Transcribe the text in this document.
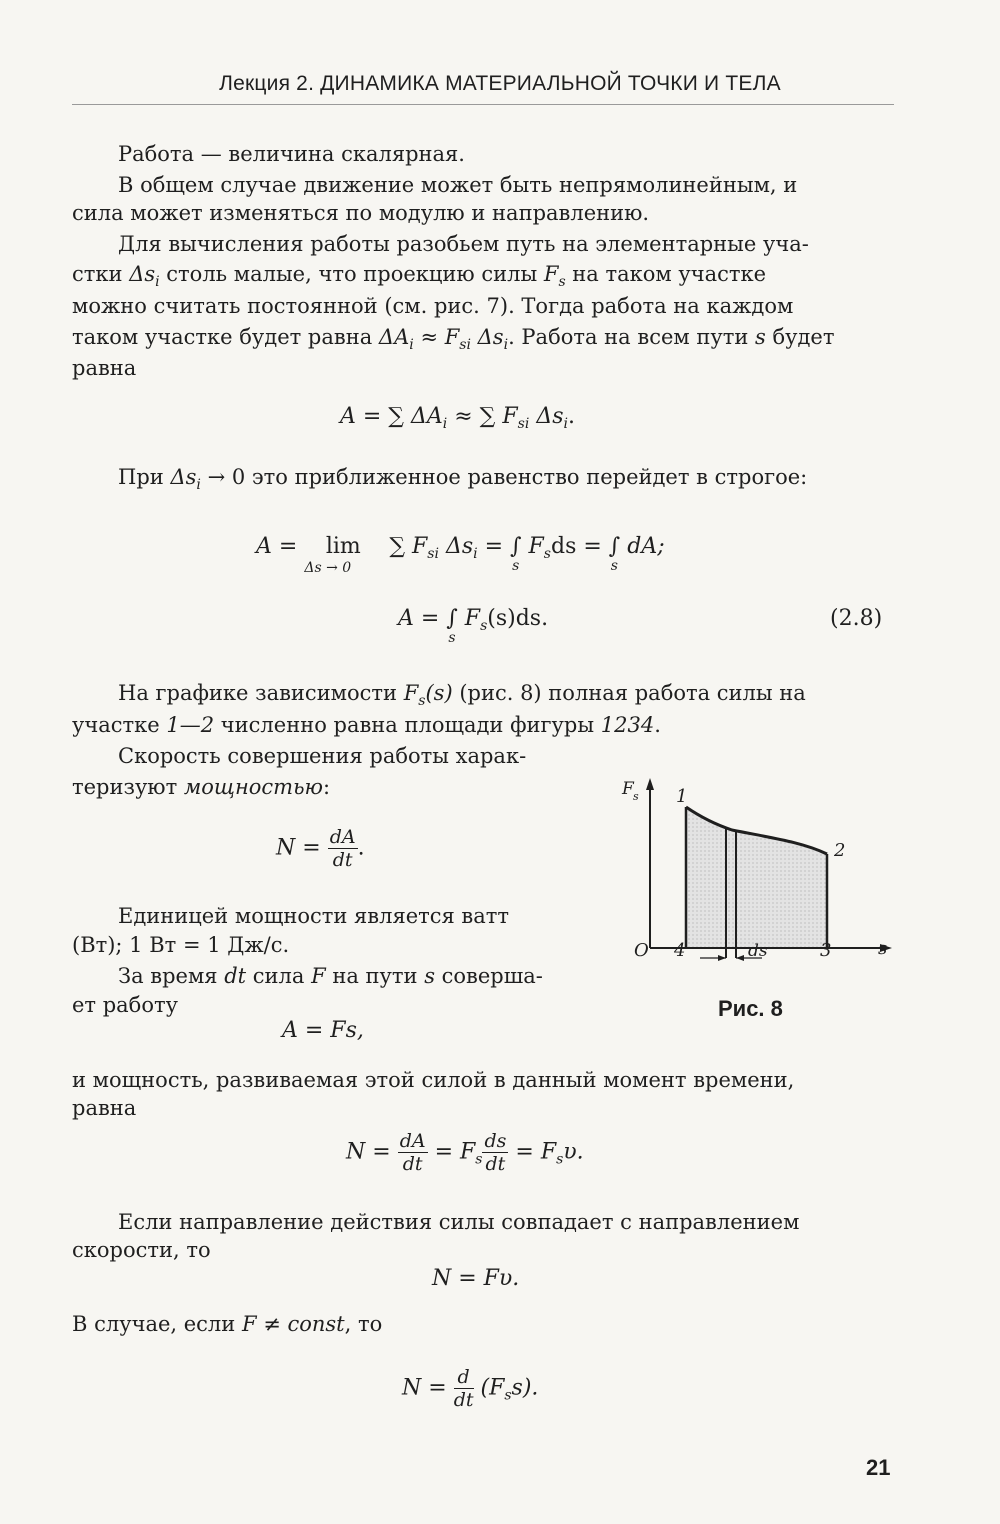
Лекция 2. ДИНАМИКА МАТЕРИАЛЬНОЙ ТОЧКИ И ТЕЛА
Работа — величина скалярная.
В общем случае движение может быть непрямолинейным, и
сила может изменяться по модулю и направлению.
Для вычисления работы разобьем путь на элементарные уча-
стки $\Delta s_i$ столь малые, что проекцию силы $F_s$ на таком участке
можно считать постоянной (см. рис. 7). Тогда работа на каждом
таком участке будет равна $\Delta A_i \approx F_{si}$ $\Delta s_i$. Работа на всем пути s будет
равна
A = ∑ $\Delta A_i$ ≈ ∑ $F_{si}$ $\Delta s_i$.
При $\Delta s_i \to 0$ это приближенное равенство перейдет в строгое:
A = lim
Δs → 0
∑ $F_{si}$ $\Delta s_i$ = ∫
s
$F_sds$ = ∫
s
dA;
A = ∫
s
$F_s(s)ds$.	(2.8)
На графике зависимости $F_s(s)$ (рис. 8) полная работа силы на
участке 1—2 численно равна площади фигуры 1234.
Скорость совершения работы харак-
теризуют мощностью:
$N = \frac{dA}{dt}$ .
Единицей мощности является ватт
(Вт); 1 Вт = 1 Дж/с.
За время dt сила F на пути s соверша-
ет работу
A = Fs,
и мощность, развиваемая этой силой в данный момент времени,
равна
$N = \frac{dA}{dt} = F_s \frac{ds}{dt} = F_s\upsilon$.
Если направление действия силы совпадает с направлением
скорости, то
N = Fυ.
В случае, если F ≠ const, то
$N = \frac{d}{dt} (F_ss)$.
F s
s
O
1
2
3
4	ds
Рис. 8
21
